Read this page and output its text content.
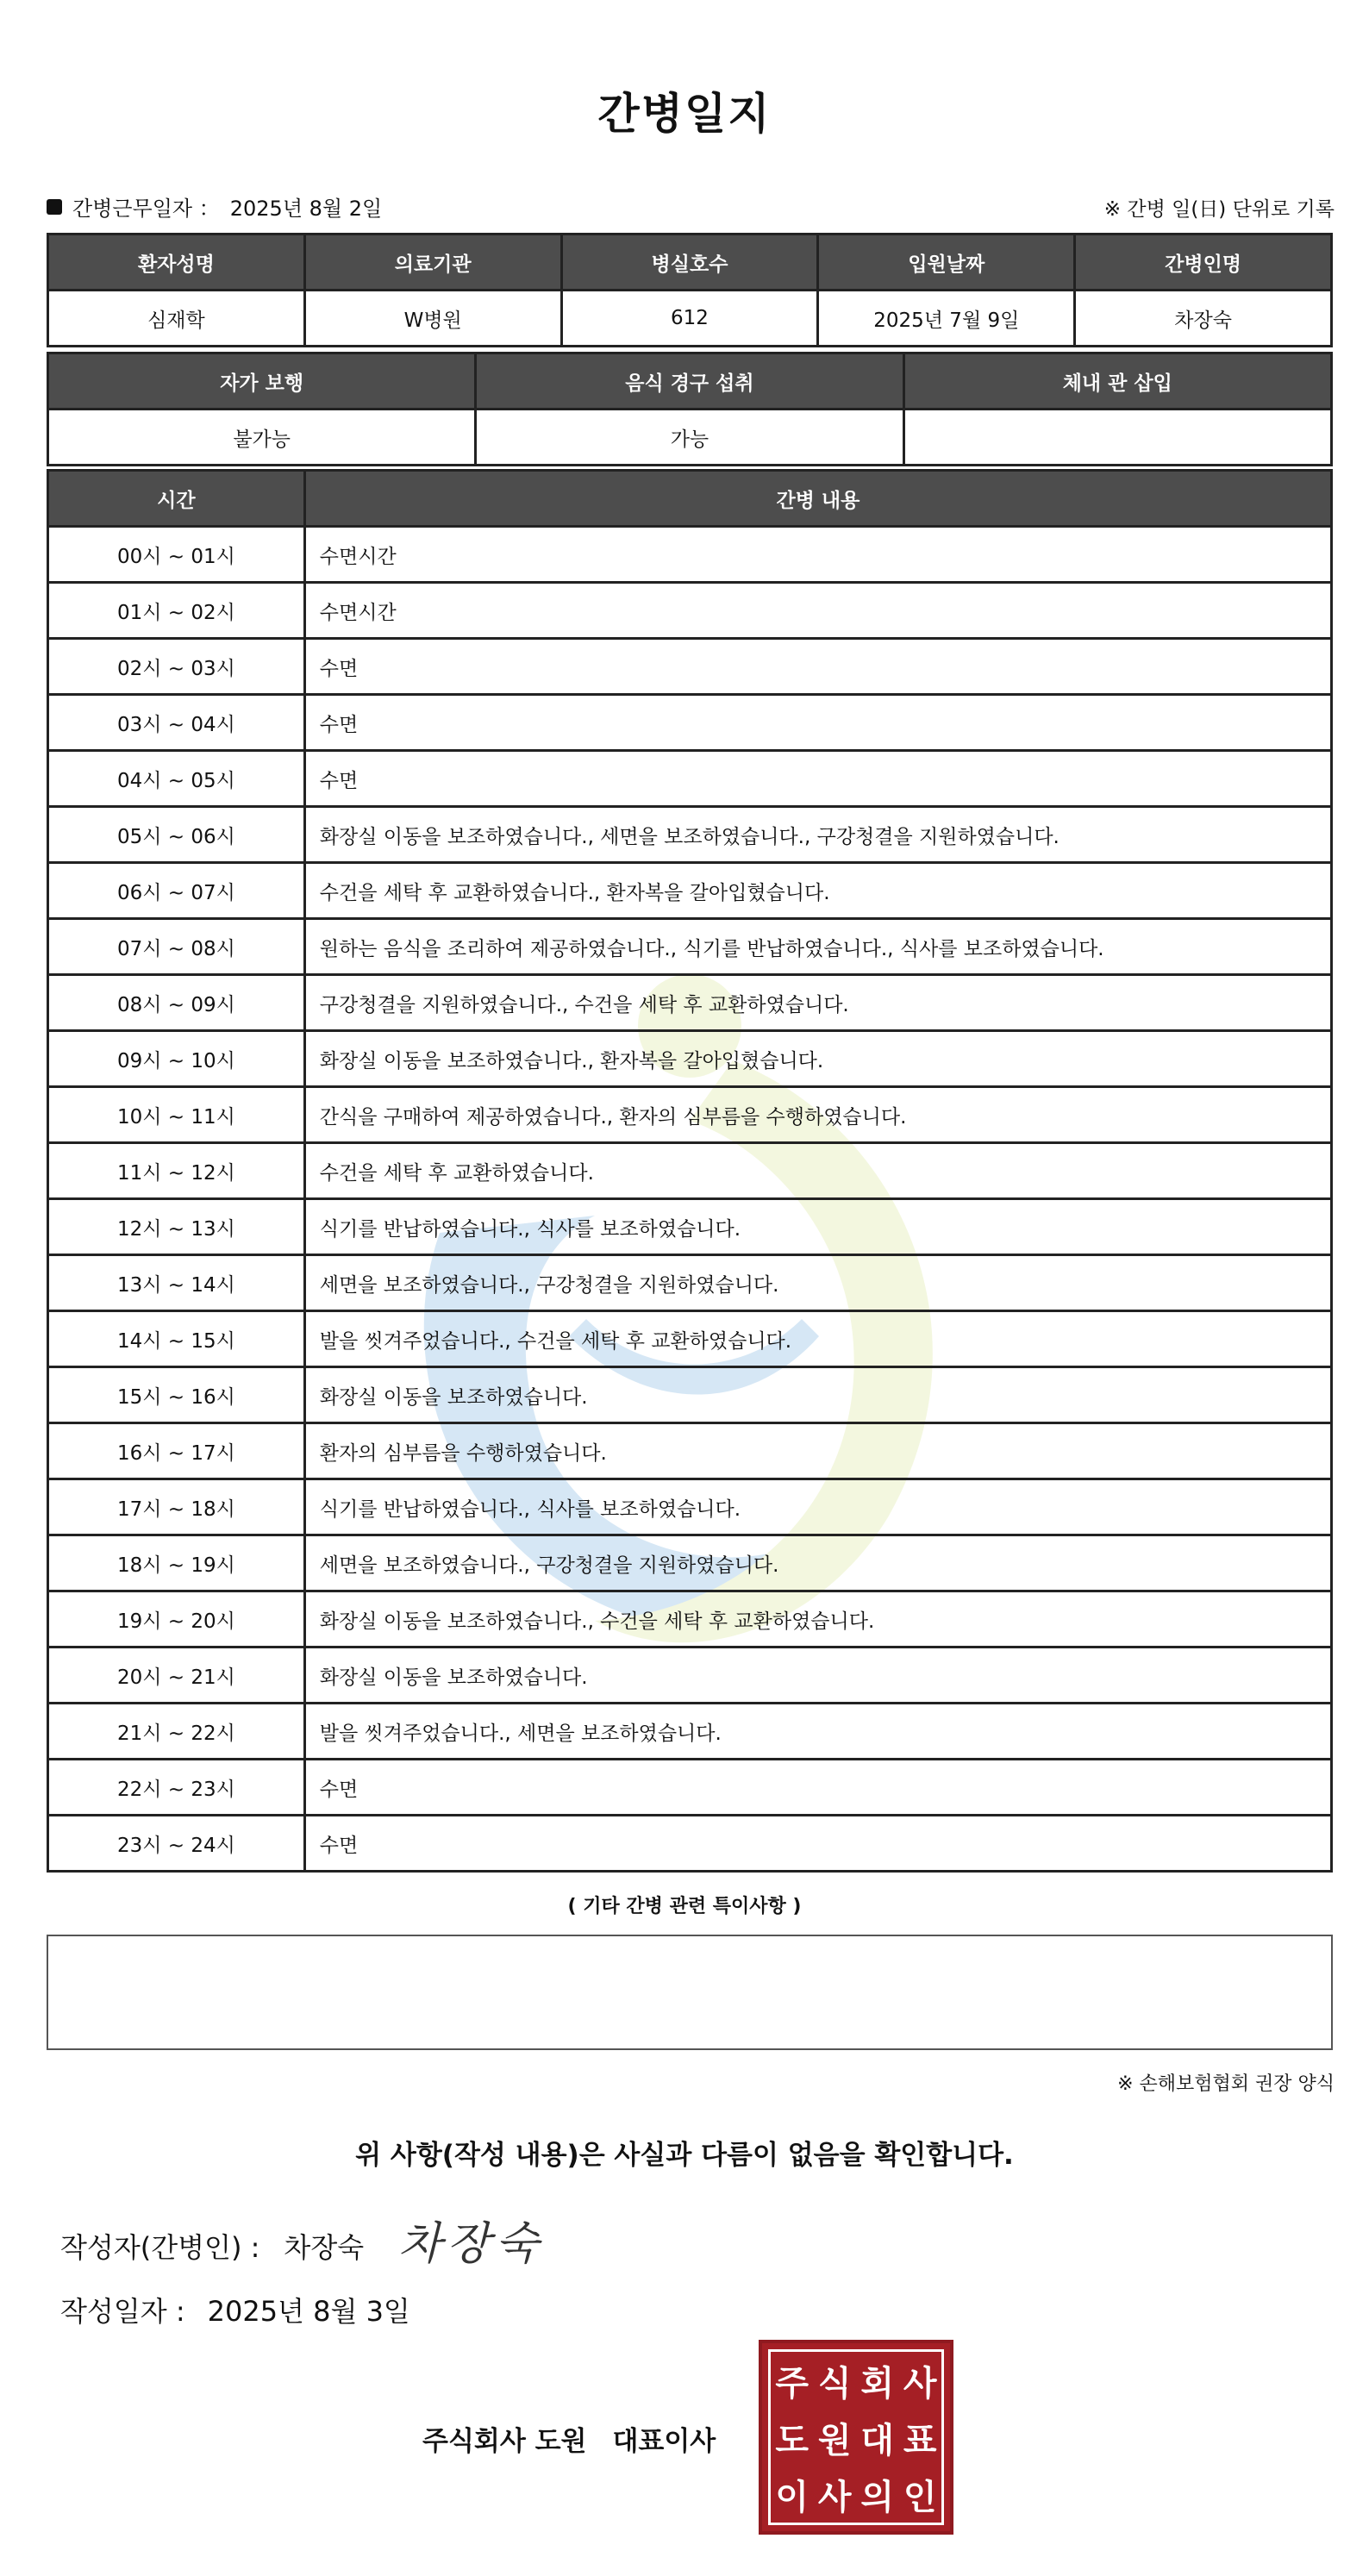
간병일지
간병근무일자 ： 2025년 8월 2일	※ 간병 일(日) 단위로 기록
환자성명	의료기관	병실호수	입원날짜	간병인명
심재학	W병원	612	2025년 7월 9일	차장숙
자가 보행	음식 경구 섭취	체내 관 삽입
불가능	가능	
시간	간병 내용
00시 ~ 01시	수면시간
01시 ~ 02시	수면시간
02시 ~ 03시	수면
03시 ~ 04시	수면
04시 ~ 05시	수면
05시 ~ 06시	화장실 이동을 보조하였습니다., 세면을 보조하였습니다., 구강청결을 지원하였습니다.
06시 ~ 07시	수건을 세탁 후 교환하였습니다., 환자복을 갈아입혔습니다.
07시 ~ 08시	원하는 음식을 조리하여 제공하였습니다., 식기를 반납하였습니다., 식사를 보조하였습니다.
08시 ~ 09시	구강청결을 지원하였습니다., 수건을 세탁 후 교환하였습니다.
09시 ~ 10시	화장실 이동을 보조하였습니다., 환자복을 갈아입혔습니다.
10시 ~ 11시	간식을 구매하여 제공하였습니다., 환자의 심부름을 수행하였습니다.
11시 ~ 12시	수건을 세탁 후 교환하였습니다.
12시 ~ 13시	식기를 반납하였습니다., 식사를 보조하였습니다.
13시 ~ 14시	세면을 보조하였습니다., 구강청결을 지원하였습니다.
14시 ~ 15시	발을 씻겨주었습니다., 수건을 세탁 후 교환하였습니다.
15시 ~ 16시	화장실 이동을 보조하였습니다.
16시 ~ 17시	환자의 심부름을 수행하였습니다.
17시 ~ 18시	식기를 반납하였습니다., 식사를 보조하였습니다.
18시 ~ 19시	세면을 보조하였습니다., 구강청결을 지원하였습니다.
19시 ~ 20시	화장실 이동을 보조하였습니다., 수건을 세탁 후 교환하였습니다.
20시 ~ 21시	화장실 이동을 보조하였습니다.
21시 ~ 22시	발을 씻겨주었습니다., 세면을 보조하였습니다.
22시 ~ 23시	수면
23시 ~ 24시	수면
( 기타 간병 관련 특이사항 )
※ 손해보험협회 권장 양식
위 사항(작성 내용)은 사실과 다름이 없음을 확인합니다.
작성자(간병인) : 차장숙 차장숙
작성일자 : 2025년 8월 3일
주식회사 도원 대표이사
주 식 회 사
도 원 대 표
이 사 의 인
